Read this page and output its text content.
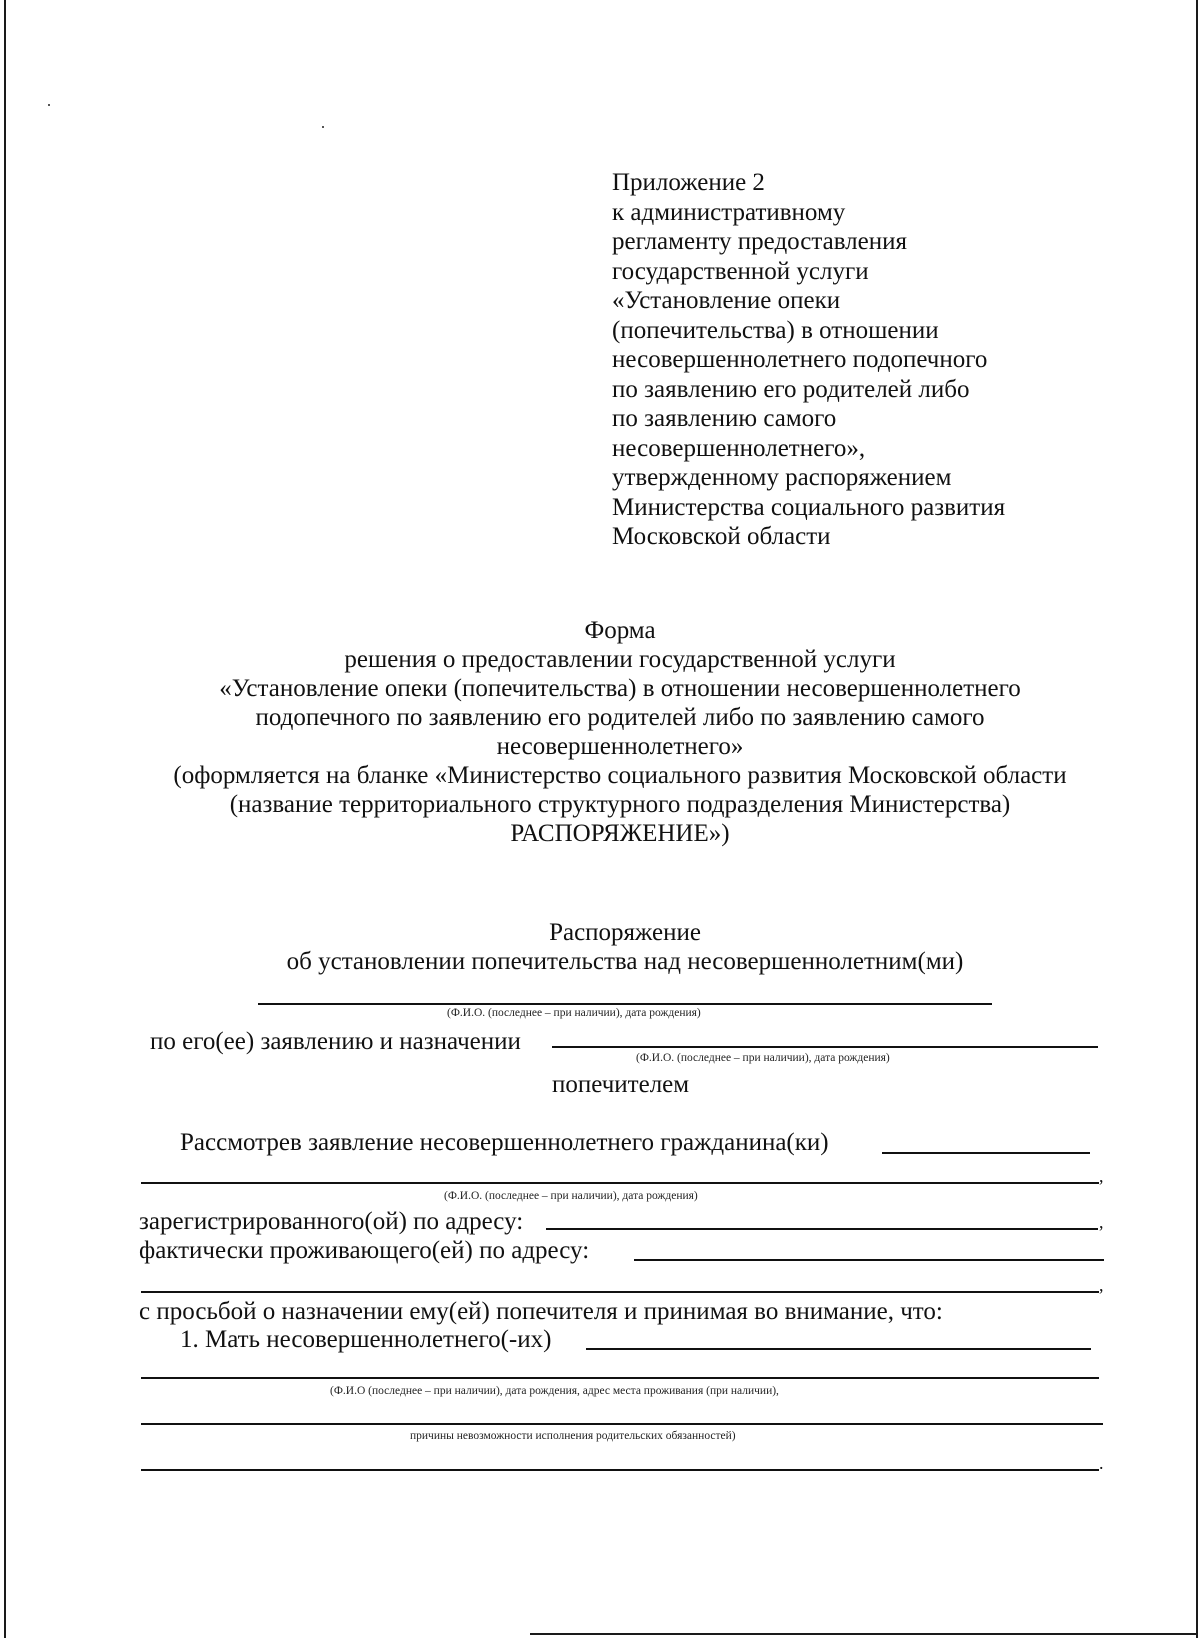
Приложение 2
к административному
регламенту предоставления
государственной услуги
«Установление опеки
(попечительства) в отношении
несовершеннолетнего подопечного
по заявлению его родителей либо
по заявлению самого
несовершеннолетнего»,
утвержденному распоряжением
Министерства социального развития
Московской области
Форма
решения о предоставлении государственной услуги
«Установление опеки (попечительства) в отношении несовершеннолетнего
подопечного по заявлению его родителей либо по заявлению самого
несовершеннолетнего»
(оформляется на бланке «Министерство социального развития Московской области
(название территориального структурного подразделения Министерства)
РАСПОРЯЖЕНИЕ»)
Распоряжение
об установлении попечительства над несовершеннолетним(ми)
(Ф.И.О. (последнее – при наличии), дата рождения)
по его(ее) заявлению и назначении
(Ф.И.О. (последнее – при наличии), дата рождения)
попечителем
Рассмотрев заявление несовершеннолетнего гражданина(ки)
,
(Ф.И.О. (последнее – при наличии), дата рождения)
зарегистрированного(ой) по адресу:	,
фактически проживающего(ей) по адресу:
,
с просьбой о назначении ему(ей) попечителя и принимая во внимание, что:
1. Мать несовершеннолетнего(-их)
(Ф.И.О (последнее – при наличии), дата рождения, адрес места проживания (при наличии),
причины невозможности исполнения родительских обязанностей)
.
